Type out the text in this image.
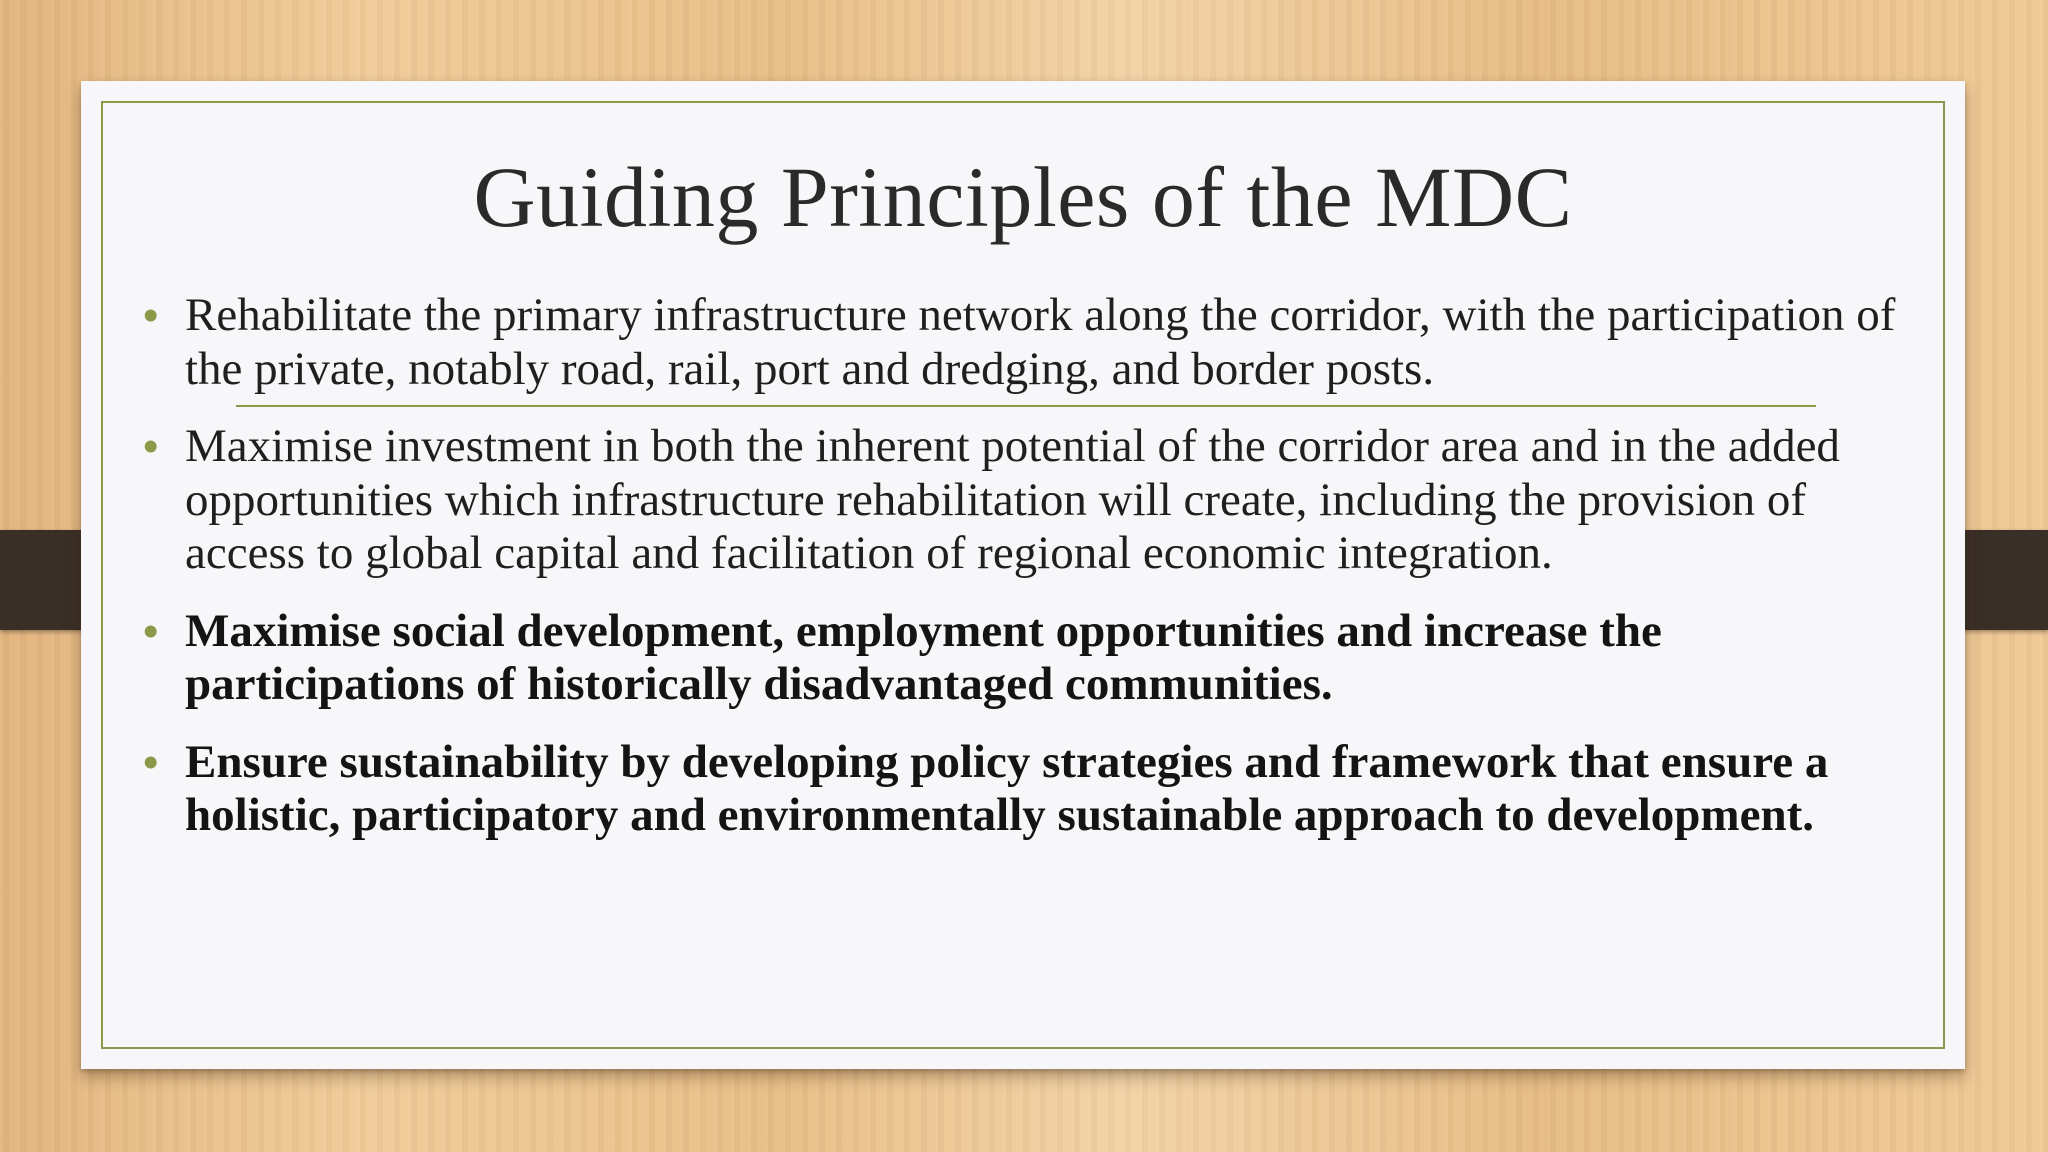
Guiding Principles of the MDC
• Rehabilitate the primary infrastructure network along the corridor, with the participation of the private, notably road, rail, port and dredging, and border posts.
• Maximise investment in both the inherent potential of the corridor area and in the added opportunities which infrastructure rehabilitation will create, including the provision of access to global capital and facilitation of regional economic integration.
• Maximise social development, employment opportunities and increase the participations of historically disadvantaged communities.
• Ensure sustainability by developing policy strategies and framework that ensure a holistic, participatory and environmentally sustainable approach to development.
